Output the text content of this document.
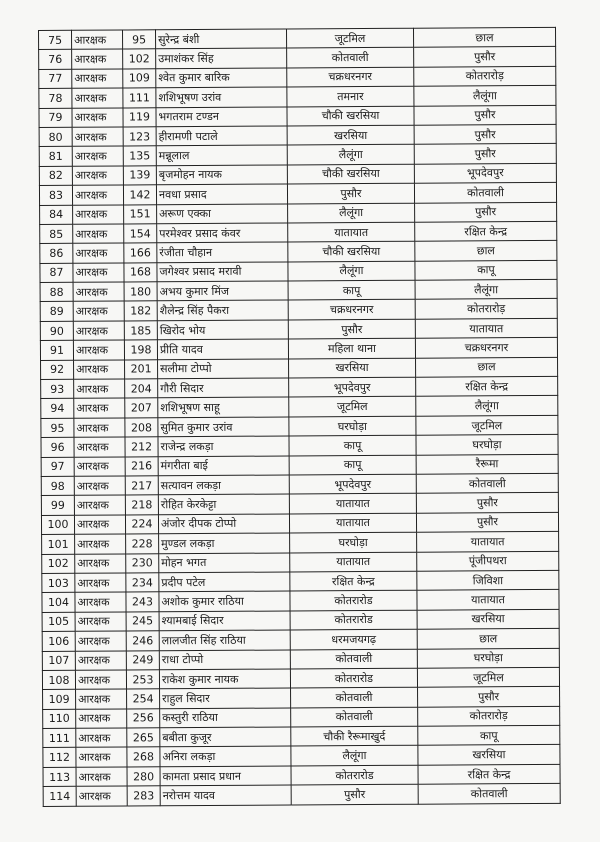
75	आरक्षक	95	सुरेन्द्र बंशी	जूटमिल	छाल
76	आरक्षक	102	उमाशंकर सिंह	कोतवाली	पुसौर
77	आरक्षक	109	श्वेत कुमार बारिक	चक्रधरनगर	कोतरारोड़
78	आरक्षक	111	शशिभूषण उरांव	तमनार	लैलूंगा
79	आरक्षक	119	भगतराम टण्डन	चौकी खरसिया	पुसौर
80	आरक्षक	123	हीरामणी पटाले	खरसिया	पुसौर
81	आरक्षक	135	मन्नूलाल	लैलूंगा	पुसौर
82	आरक्षक	139	बृजमोहन नायक	चौकी खरसिया	भूपदेवपुर
83	आरक्षक	142	नवधा प्रसाद	पुसौर	कोतवाली
84	आरक्षक	151	अरूण एक्का	लैलूंगा	पुसौर
85	आरक्षक	154	परमेश्वर प्रसाद कंवर	यातायात	रक्षित केन्द्र
86	आरक्षक	166	रंजीता चौहान	चौकी खरसिया	छाल
87	आरक्षक	168	जगेश्वर प्रसाद मरावी	लैलूंगा	कापू
88	आरक्षक	180	अभय कुमार मिंज	कापू	लैलूंगा
89	आरक्षक	182	शैलेन्द्र सिंह पैकरा	चक्रधरनगर	कोतरारोड़
90	आरक्षक	185	खिरोद भोय	पुसौर	यातायात
91	आरक्षक	198	प्रीति यादव	महिला थाना	चक्रधरनगर
92	आरक्षक	201	सलीमा टोप्पो	खरसिया	छाल
93	आरक्षक	204	गौरी सिदार	भूपदेवपुर	रक्षित केन्द्र
94	आरक्षक	207	शशिभूषण साहू	जूटमिल	लैलूंगा
95	आरक्षक	208	सुमित कुमार उरांव	घरघोड़ा	जूटमिल
96	आरक्षक	212	राजेन्द्र लकड़ा	कापू	घरघोड़ा
97	आरक्षक	216	मंगरीता बाई	कापू	रैरूमा
98	आरक्षक	217	सत्यावन लकड़ा	भूपदेवपुर	कोतवाली
99	आरक्षक	218	रोहित केरकेट्टा	यातायात	पुसौर
100	आरक्षक	224	अंजोर दीपक टोप्पो	यातायात	पुसौर
101	आरक्षक	228	मुण्डल लकड़ा	घरघोड़ा	यातायात
102	आरक्षक	230	मोहन भगत	यातायात	पूंजीपथरा
103	आरक्षक	234	प्रदीप पटेल	रक्षित केन्द्र	जिविशा
104	आरक्षक	243	अशोक कुमार राठिया	कोतरारोड	यातायात
105	आरक्षक	245	श्यामबाई सिदार	कोतरारोड	खरसिया
106	आरक्षक	246	लालजीत सिंह राठिया	धरमजयगढ़	छाल
107	आरक्षक	249	राधा टोप्पो	कोतवाली	घरघोड़ा
108	आरक्षक	253	राकेश कुमार नायक	कोतरारोड	जूटमिल
109	आरक्षक	254	राहुल सिदार	कोतवाली	पुसौर
110	आरक्षक	256	कस्तुरी राठिया	कोतवाली	कोतरारोड़
111	आरक्षक	265	बबीता कुजूर	चौकी रैरूमाखुर्द	कापू
112	आरक्षक	268	अनिरा लकड़ा	लैलूंगा	खरसिया
113	आरक्षक	280	कामता प्रसाद प्रधान	कोतरारोड	रक्षित केन्द्र
114	आरक्षक	283	नरोत्तम यादव	पुसौर	कोतवाली
